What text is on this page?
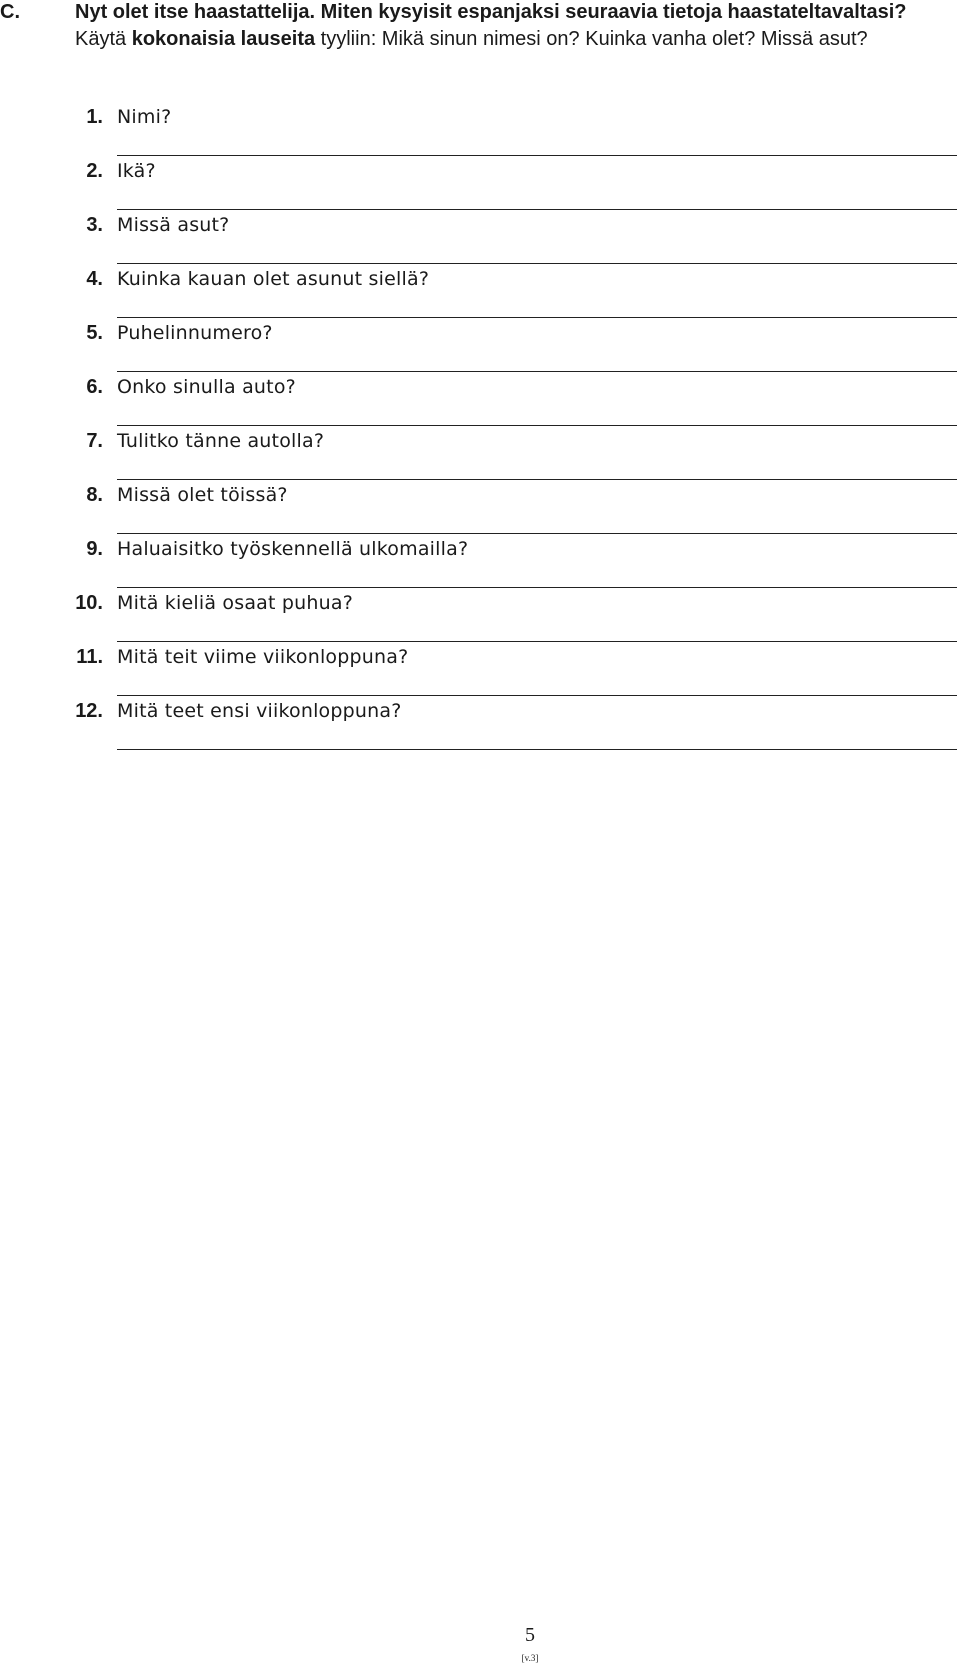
C.	Nyt olet itse haastattelija. Miten kysyisit espanjaksi seuraavia tietoja haastateltavaltasi?
Käytä kokonaisia lauseita tyyliin: Mikä sinun nimesi on? Kuinka vanha olet? Missä asut?
1. Nimi?
2. Ikä?
3. Missä asut?
4. Kuinka kauan olet asunut siellä?
5. Puhelinnumero?
6. Onko sinulla auto?
7. Tulitko tänne autolla?
8. Missä olet töissä?
9. Haluaisitko työskennellä ulkomailla?
10. Mitä kieliä osaat puhua?
11. Mitä teit viime viikonloppuna?
12. Mitä teet ensi viikonloppuna?
5
[v.3]
